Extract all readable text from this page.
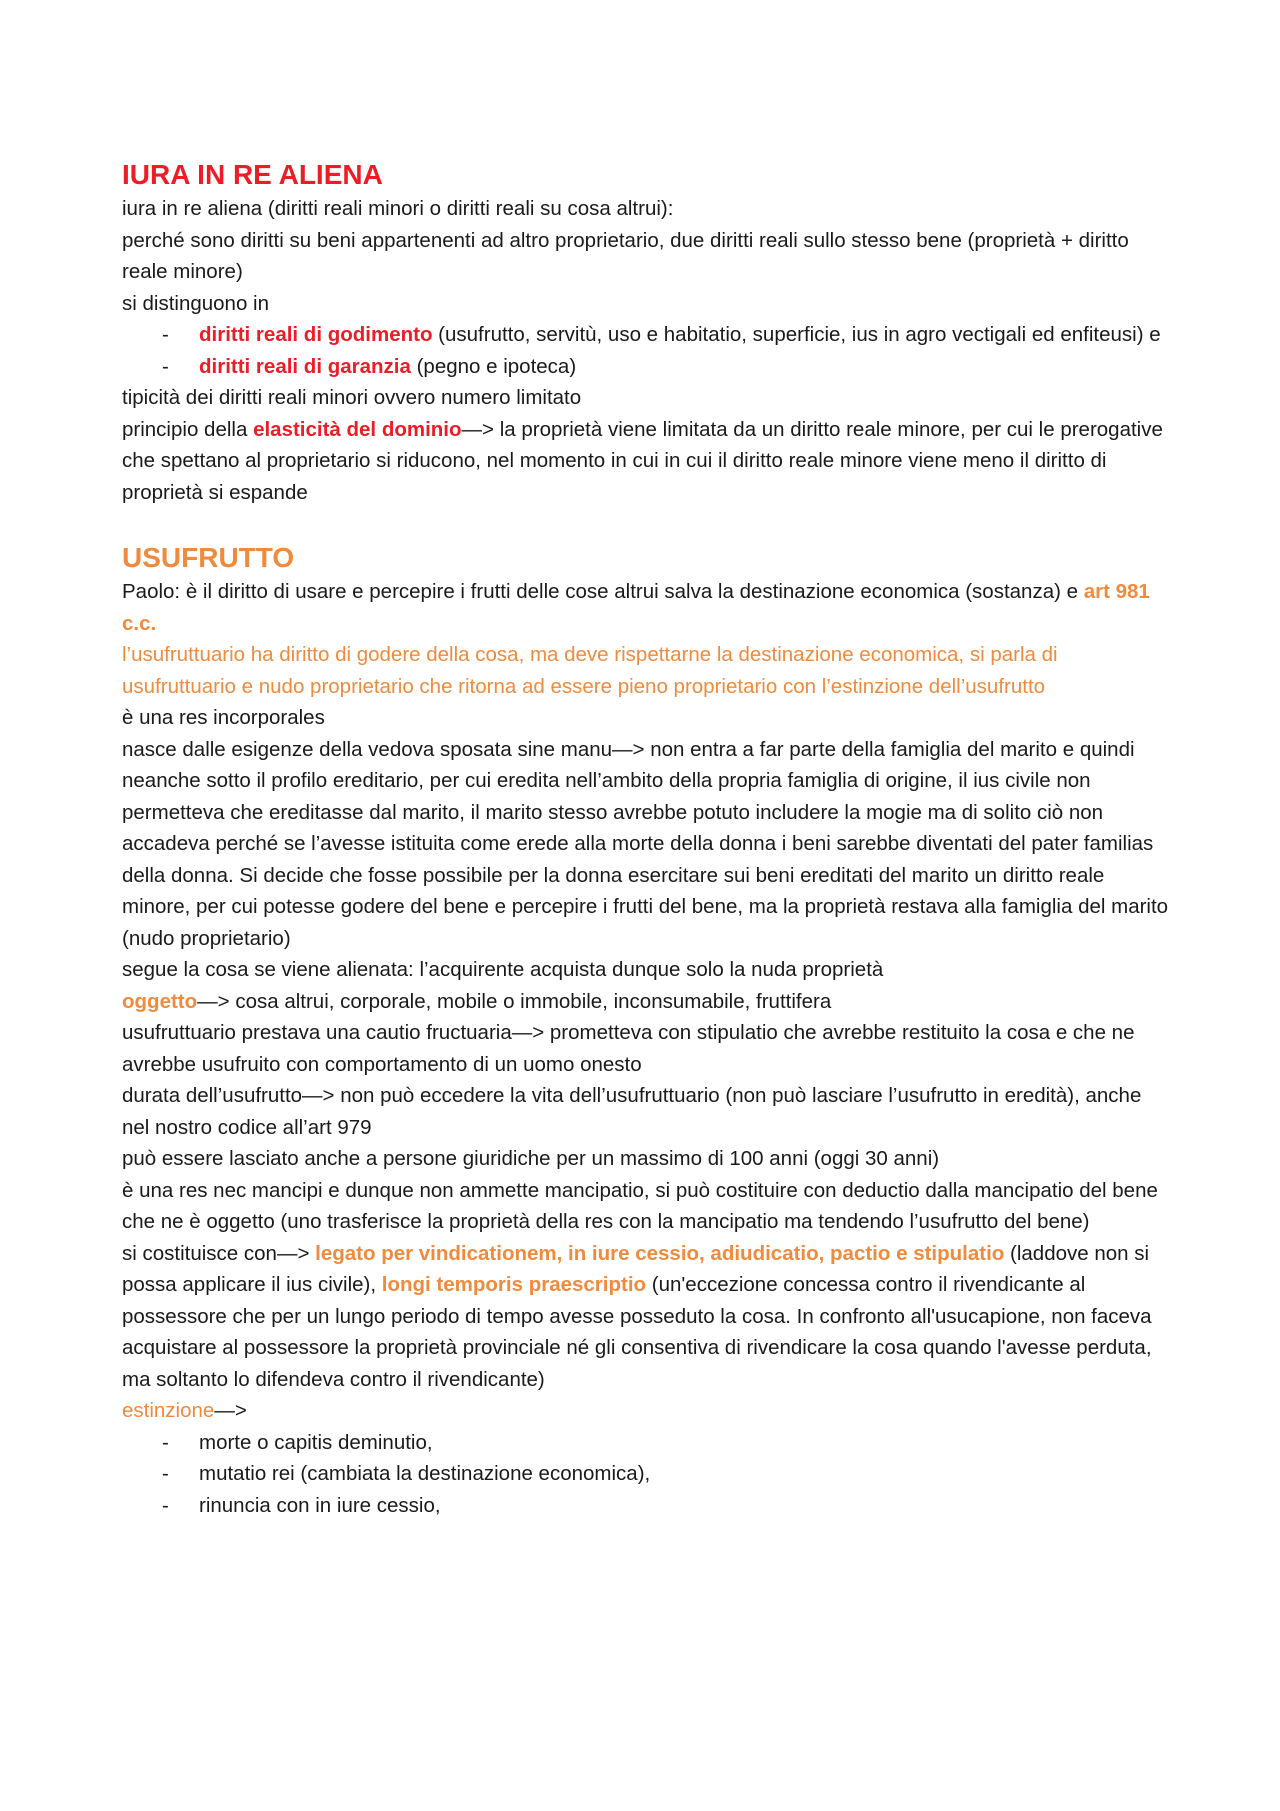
IURA IN RE ALIENA
iura in re aliena (diritti reali minori o diritti reali su cosa altrui):
perché sono diritti su beni appartenenti ad altro proprietario, due diritti reali sullo stesso bene (proprietà + diritto reale minore)
si distinguono in
- diritti reali di godimento (usufrutto, servitù, uso e habitatio, superficie, ius in agro vectigali ed enfiteusi) e
- diritti reali di garanzia (pegno e ipoteca)
tipicità dei diritti reali minori ovvero numero limitato
principio della elasticità del dominio—> la proprietà viene limitata da un diritto reale minore, per cui le prerogative che spettano al proprietario si riducono, nel momento in cui in cui il diritto reale minore viene meno il diritto di proprietà si espande
USUFRUTTO
Paolo: è il diritto di usare e percepire i frutti delle cose altrui salva la destinazione economica (sostanza) e art 981 c.c.
l’usufruttuario ha diritto di godere della cosa, ma deve rispettarne la destinazione economica, si parla di usufruttuario e nudo proprietario che ritorna ad essere pieno proprietario con l’estinzione dell’usufrutto
è una res incorporales
nasce dalle esigenze della vedova sposata sine manu—> non entra a far parte della famiglia del marito e quindi neanche sotto il profilo ereditario, per cui eredita nell’ambito della propria famiglia di origine, il ius civile non permetteva che ereditasse dal marito, il marito stesso avrebbe potuto includere la mogie ma di solito ciò non accadeva perché se l’avesse istituita come erede alla morte della donna i beni sarebbe diventati del pater familias della donna. Si decide che fosse possibile per la donna esercitare sui beni ereditati del marito un diritto reale minore, per cui potesse godere del bene e percepire i frutti del bene, ma la proprietà restava alla famiglia del marito (nudo proprietario)
segue la cosa se viene alienata: l’acquirente acquista dunque solo la nuda proprietà
oggetto—> cosa altrui, corporale, mobile o immobile, inconsumabile, fruttifera
usufruttuario prestava una cautio fructuaria—> prometteva con stipulatio che avrebbe restituito la cosa e che ne avrebbe usufruito con comportamento di un uomo onesto
durata dell’usufrutto—> non può eccedere la vita dell’usufruttuario (non può lasciare l’usufrutto in eredità), anche nel nostro codice all’art 979
può essere lasciato anche a persone giuridiche per un massimo di 100 anni (oggi 30 anni)
è una res nec mancipi e dunque non ammette mancipatio, si può costituire con deductio dalla mancipatio del bene che ne è oggetto (uno trasferisce la proprietà della res con la mancipatio ma tendendo l’usufrutto del bene)
si costituisce con—> legato per vindicationem, in iure cessio, adiudicatio, pactio e stipulatio (laddove non si possa applicare il ius civile), longi temporis praescriptio (un'eccezione concessa contro il rivendicante al possessore che per un lungo periodo di tempo avesse posseduto la cosa. In confronto all'usucapione, non faceva acquistare al possessore la proprietà provinciale né gli consentiva di rivendicare la cosa quando l'avesse perduta, ma soltanto lo difendeva contro il rivendicante)
estinzione—>
- morte o capitis deminutio,
- mutatio rei (cambiata la destinazione economica),
- rinuncia con in iure cessio,
